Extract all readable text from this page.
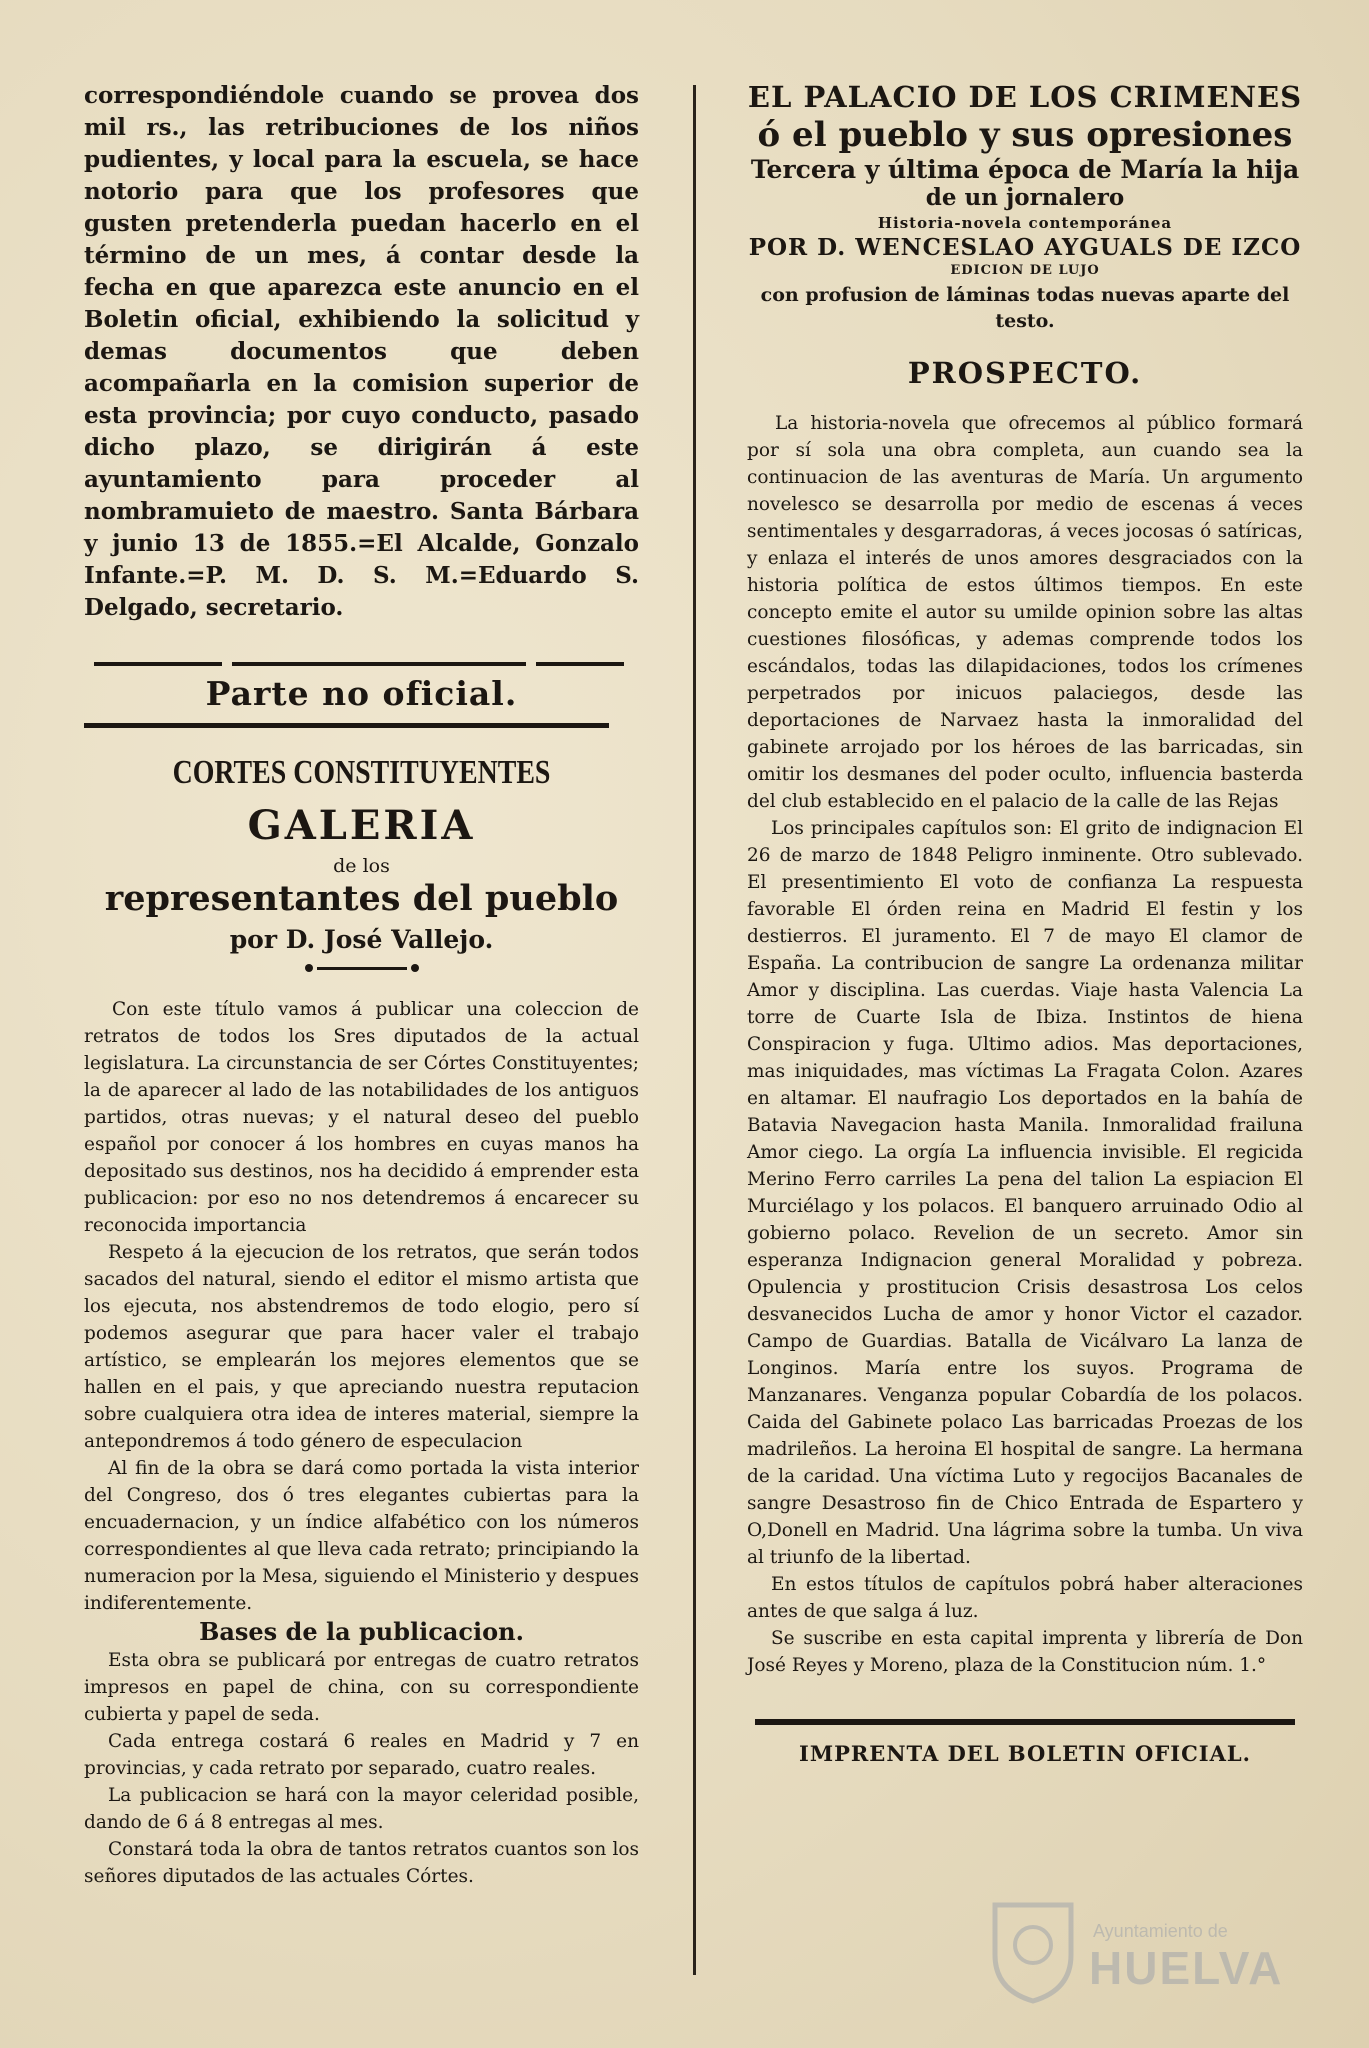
correspondiéndole cuando se provea dos mil rs., las retribuciones de los niños pudientes, y local para la escuela, se hace notorio para que los profesores que gusten pretenderla puedan hacerlo en el término de un mes, á contar desde la fecha en que aparezca este anuncio en el Boletin oficial, exhibiendo la solicitud y demas documentos que deben acompañarla en la comision superior de esta provincia; por cuyo conducto, pasado dicho plazo, se dirigirán á este ayuntamiento para proceder al nombramuieto de maestro. Santa Bárbara y junio 13 de 1855.=El Alcalde, Gonzalo Infante.=P. M. D. S. M.=Eduardo S. Delgado, secretario.

Parte no oficial.
CORTES CONSTITUYENTES
GALERIA
de los
representantes del pueblo
por D. José Vallejo.

Con este título vamos á publicar una coleccion de retratos de todos los Sres diputados de la actual legislatura. La circunstancia de ser Córtes Constituyentes; la de aparecer al lado de las notabilidades de los antiguos partidos, otras nuevas; y el natural deseo del pueblo español por conocer á los hombres en cuyas manos ha depositado sus destinos, nos ha decidido á emprender esta publicacion: por eso no nos detendremos á encarecer su reconocida importancia

Respeto á la ejecucion de los retratos, que serán todos sacados del natural, siendo el editor el mismo artista que los ejecuta, nos abstendremos de todo elogio, pero sí podemos asegurar que para hacer valer el trabajo artístico, se emplearán los mejores elementos que se hallen en el pais, y que apreciando nuestra reputacion sobre cualquiera otra idea de interes material, siempre la antepondremos á todo género de especulacion

Al fin de la obra se dará como portada la vista interior del Congreso, dos ó tres elegantes cubiertas para la encuadernacion, y un índice alfabético con los números correspondientes al que lleva cada retrato; principiando la numeracion por la Mesa, siguiendo el Ministerio y despues indiferentemente.

Bases de la publicacion.

Esta obra se publicará por entregas de cuatro retratos impresos en papel de china, con su correspondiente cubierta y papel de seda.

Cada entrega costará 6 reales en Madrid y 7 en provincias, y cada retrato por separado, cuatro reales.

La publicacion se hará con la mayor celeridad posible, dando de 6 á 8 entregas al mes.

Constará toda la obra de tantos retratos cuantos son los señores diputados de las actuales Córtes.

EL PALACIO DE LOS CRIMENES
ó el pueblo y sus opresiones
Tercera y última época de María la hija
de un jornalero
Historia-novela contemporánea
POR D. WENCESLAO AYGUALS DE IZCO
EDICION DE LUJO
con profusion de láminas todas nuevas aparte del testo.
PROSPECTO.

La historia-novela que ofrecemos al público formará por sí sola una obra completa, aun cuando sea la continuacion de las aventuras de María. Un argumento novelesco se desarrolla por medio de escenas á veces sentimentales y desgarradoras, á veces jocosas ó satíricas, y enlaza el interés de unos amores desgraciados con la historia política de estos últimos tiempos. En este concepto emite el autor su umilde opinion sobre las altas cuestiones filosóficas, y ademas comprende todos los escándalos, todas las dilapidaciones, todos los crímenes perpetrados por inicuos palaciegos, desde las deportaciones de Narvaez hasta la inmoralidad del gabinete arrojado por los héroes de las barricadas, sin omitir los desmanes del poder oculto, influencia basterda del club establecido en el palacio de la calle de las Rejas

Los principales capítulos son: El grito de indignacion El 26 de marzo de 1848 Peligro inminente. Otro sublevado. El presentimiento El voto de confianza La respuesta favorable El órden reina en Madrid El festin y los destierros. El juramento. El 7 de mayo El clamor de España. La contribucion de sangre La ordenanza militar Amor y disciplina. Las cuerdas. Viaje hasta Valencia La torre de Cuarte Isla de Ibiza. Instintos de hiena Conspiracion y fuga. Ultimo adios. Mas deportaciones, mas iniquidades, mas víctimas La Fragata Colon. Azares en altamar. El naufragio Los deportados en la bahía de Batavia Navegacion hasta Manila. Inmoralidad frailuna Amor ciego. La orgía La influencia invisible. El regicida Merino Ferro carriles La pena del talion La espiacion El Murciélago y los polacos. El banquero arruinado Odio al gobierno polaco. Revelion de un secreto. Amor sin esperanza Indignacion general Moralidad y pobreza. Opulencia y prostitucion Crisis desastrosa Los celos desvanecidos Lucha de amor y honor Victor el cazador. Campo de Guardias. Batalla de Vicálvaro La lanza de Longinos. María entre los suyos. Programa de Manzanares. Venganza popular Cobardía de los polacos. Caida del Gabinete polaco Las barricadas Proezas de los madrileños. La heroina El hospital de sangre. La hermana de la caridad. Una víctima Luto y regocijos Bacanales de sangre Desastroso fin de Chico Entrada de Espartero y O,Donell en Madrid. Una lágrima sobre la tumba. Un viva al triunfo de la libertad.

En estos títulos de capítulos pobrá haber alteraciones antes de que salga á luz.

Se suscribe en esta capital imprenta y librería de Don José Reyes y Moreno, plaza de la Constitucion núm. 1.°

IMPRENTA DEL BOLETIN OFICIAL.
Ayuntamiento de
HUELVA
